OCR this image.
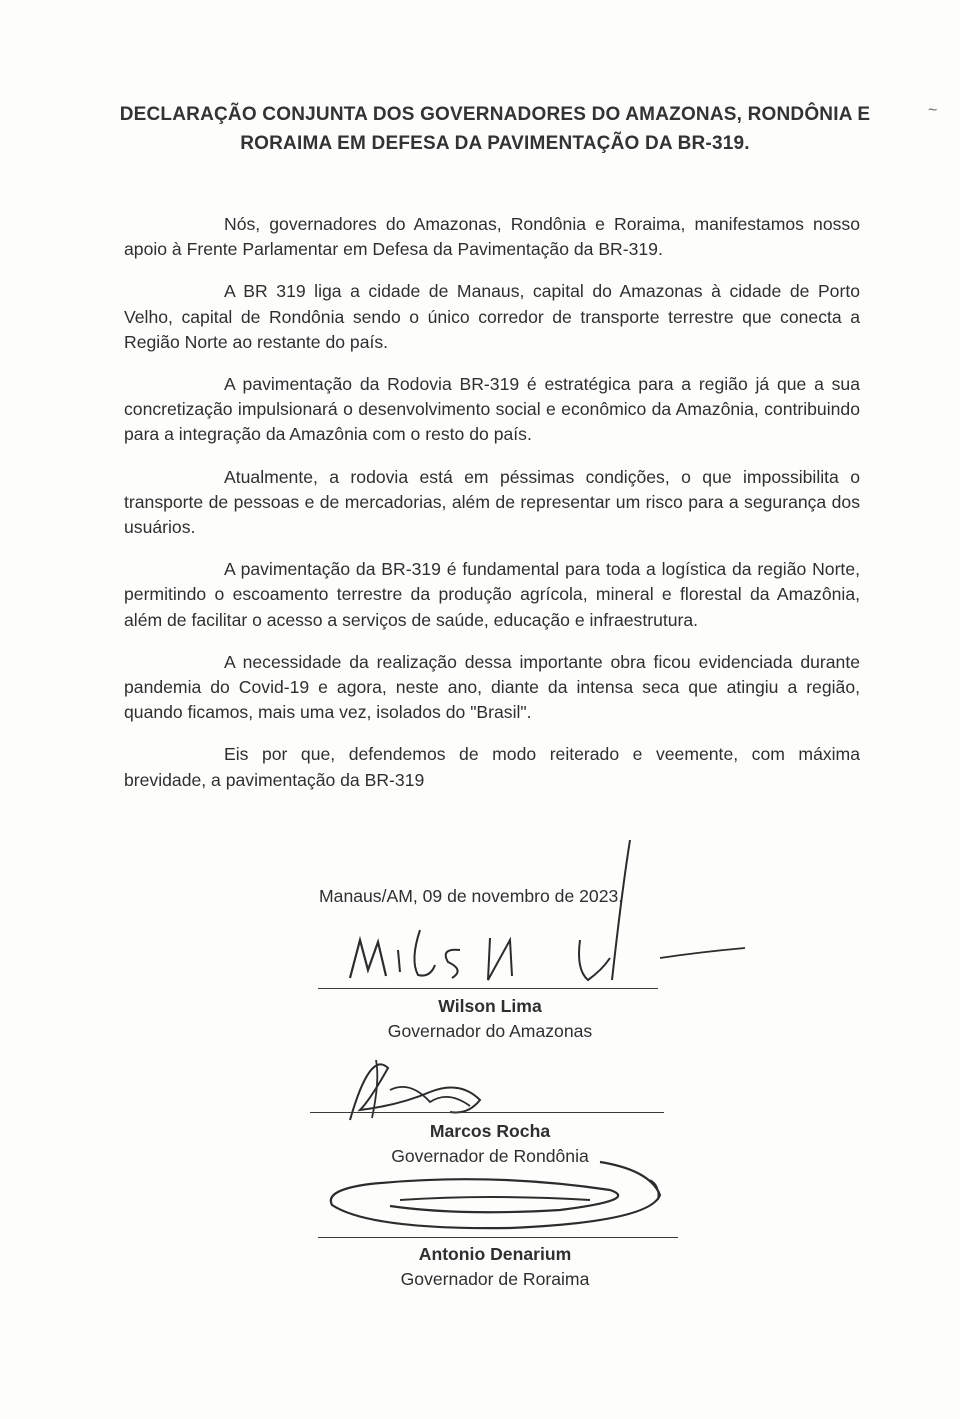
~
DECLARAÇÃO CONJUNTA DOS GOVERNADORES DO AMAZONAS, RONDÔNIA E
RORAIMA EM DEFESA DA PAVIMENTAÇÃO DA BR-319.

Nós, governadores do Amazonas, Rondônia e Roraima, manifestamos nosso apoio à Frente Parlamentar em Defesa da Pavimentação da BR-319.

A BR 319 liga a cidade de Manaus, capital do Amazonas à cidade de Porto Velho, capital de Rondônia sendo o único corredor de transporte terrestre que conecta a Região Norte ao restante do país.

A pavimentação da Rodovia BR-319 é estratégica para a região já que a sua concretização impulsionará o desenvolvimento social e econômico da Amazônia, contribuindo para a integração da Amazônia com o resto do país.

Atualmente, a rodovia está em péssimas condições, o que impossibilita o transporte de pessoas e de mercadorias, além de representar um risco para a segurança dos usuários.

A pavimentação da BR-319 é fundamental para toda a logística da região Norte, permitindo o escoamento terrestre da produção agrícola, mineral e florestal da Amazônia, além de facilitar o acesso a serviços de saúde, educação e infraestrutura.

A necessidade da realização dessa importante obra ficou evidenciada durante pandemia do Covid-19 e agora, neste ano, diante da intensa seca que atingiu a região, quando ficamos, mais uma vez, isolados do "Brasil".

Eis por que, defendemos de modo reiterado e veemente, com máxima brevidade, a pavimentação da BR-319

Manaus/AM, 09 de novembro de 2023.
Wilson Lima
Governador do Amazonas
Marcos Rocha
Governador de Rondônia
Antonio Denarium
Governador de Roraima
